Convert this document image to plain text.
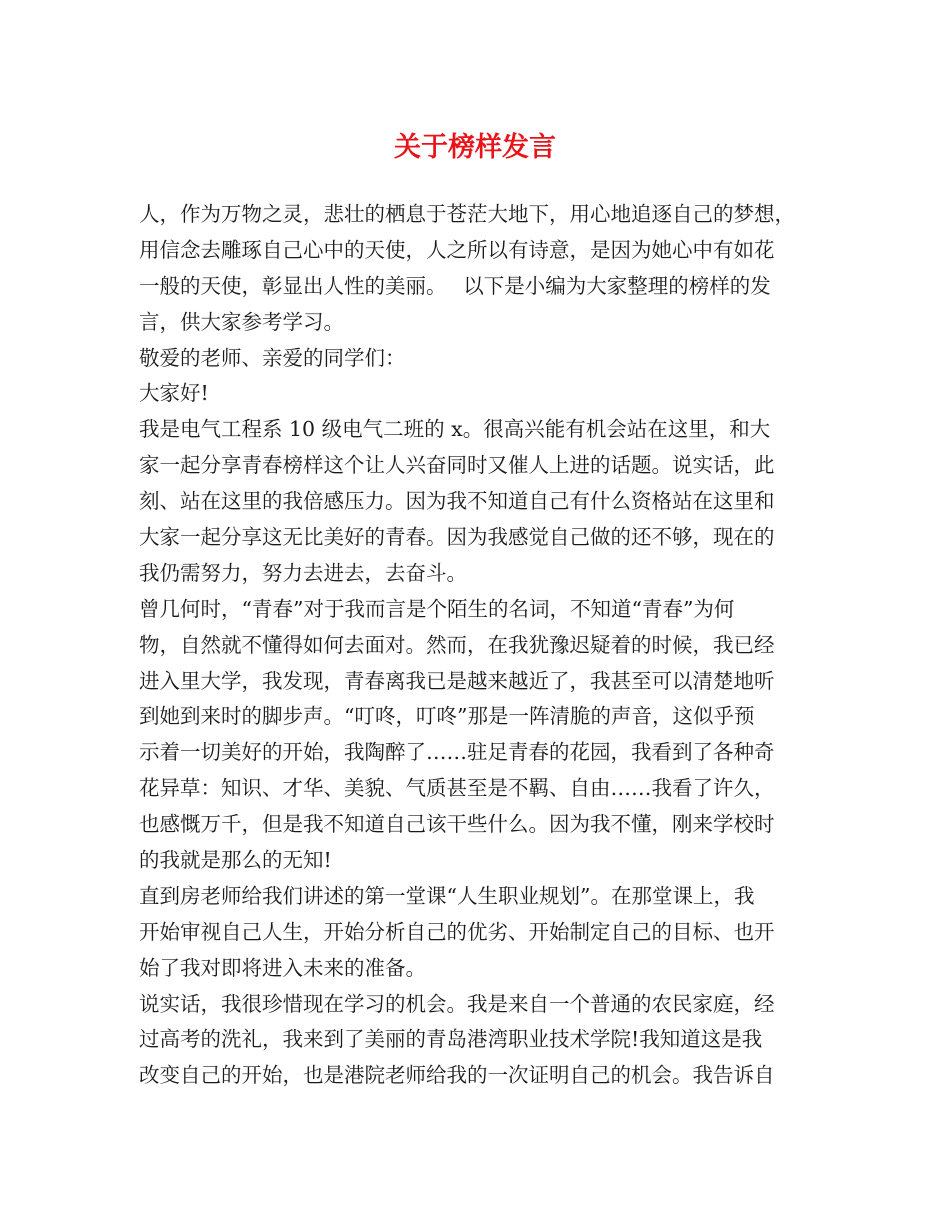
关于榜样发言

人，作为万物之灵，悲壮的栖息于苍茫大地下，用心地追逐自己的梦想，
用信念去雕琢自己心中的天使，人之所以有诗意，是因为她心中有如花
一般的天使，彰显出人性的美丽。　 以下是小编为大家整理的榜样的发
言，供大家参考学习。

敬爱的老师、亲爱的同学们：

大家好!

我是电气工程系 10 级电气二班的 x。很高兴能有机会站在这里，和大
家一起分享青春榜样这个让人兴奋同时又催人上进的话题。说实话，此
刻、站在这里的我倍感压力。因为我不知道自己有什么资格站在这里和
大家一起分享这无比美好的青春。因为我感觉自己做的还不够，现在的
我仍需努力，努力去进去，去奋斗。

曾几何时，“青春”对于我而言是个陌生的名词，不知道“青春”为何
物，自然就不懂得如何去面对。然而，在我犹豫迟疑着的时候，我已经
进入里大学，我发现，青春离我已是越来越近了，我甚至可以清楚地听
到她到来时的脚步声。“叮咚，叮咚”那是一阵清脆的声音，这似乎预
示着一切美好的开始，我陶醉了……驻足青春的花园，我看到了各种奇
花异草：知识、才华、美貌、气质甚至是不羁、自由……我看了许久，
也感慨万千，但是我不知道自己该干些什么。因为我不懂，刚来学校时
的我就是那么的无知!

直到房老师给我们讲述的第一堂课“人生职业规划”。在那堂课上，我
开始审视自己人生，开始分析自己的优劣、开始制定自己的目标、也开
始了我对即将进入未来的准备。

说实话，我很珍惜现在学习的机会。我是来自一个普通的农民家庭，经
过高考的洗礼，我来到了美丽的青岛港湾职业技术学院!我知道这是我
改变自己的开始，也是港院老师给我的一次证明自己的机会。我告诉自
